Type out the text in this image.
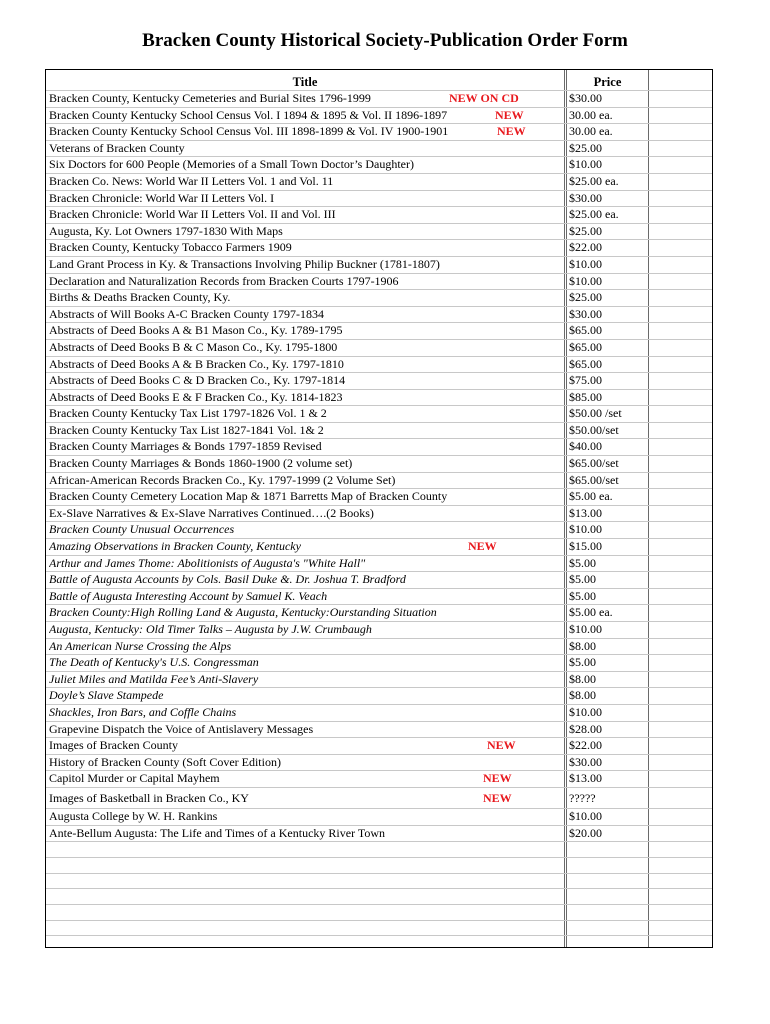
Bracken County Historical Society-Publication Order Form
Title	Price
Bracken County, Kentucky Cemeteries and Burial Sites 1796-1999	NEW ON CD	$30.00
Bracken County Kentucky School Census Vol. I 1894 & 1895 & Vol. II 1896-1897	NEW	30.00 ea.
Bracken County Kentucky School Census Vol. III 1898-1899 & Vol. IV 1900-1901	NEW	30.00 ea.
Veterans of Bracken County	$25.00
Six Doctors for 600 People (Memories of a Small Town Doctor’s Daughter)	$10.00
Bracken Co. News: World War II Letters Vol. 1 and Vol. 11	$25.00 ea.
Bracken Chronicle: World War II Letters Vol. I	$30.00
Bracken Chronicle: World War II Letters Vol. II and Vol. III	$25.00 ea.
Augusta, Ky. Lot Owners 1797-1830 With Maps	$25.00
Bracken County, Kentucky Tobacco Farmers 1909	$22.00
Land Grant Process in Ky. & Transactions Involving Philip Buckner (1781-1807)	$10.00
Declaration and Naturalization Records from Bracken Courts 1797-1906	$10.00
Births & Deaths Bracken County, Ky.	$25.00
Abstracts of Will Books A-C Bracken County 1797-1834	$30.00
Abstracts of Deed Books A & B1 Mason Co., Ky. 1789-1795	$65.00
Abstracts of Deed Books B & C Mason Co., Ky. 1795-1800	$65.00
Abstracts of Deed Books A & B Bracken Co., Ky. 1797-1810	$65.00
Abstracts of Deed Books C & D Bracken Co., Ky. 1797-1814	$75.00
Abstracts of Deed Books E & F Bracken Co., Ky. 1814-1823	$85.00
Bracken County Kentucky Tax List 1797-1826 Vol. 1 & 2	$50.00 /set
Bracken County Kentucky Tax List 1827-1841 Vol. 1& 2	$50.00/set
Bracken County Marriages & Bonds 1797-1859 Revised	$40.00
Bracken County Marriages & Bonds 1860-1900 (2 volume set)	$65.00/set
African-American Records Bracken Co., Ky. 1797-1999 (2 Volume Set)	$65.00/set
Bracken County Cemetery Location Map & 1871 Barretts Map of Bracken County	$5.00 ea.
Ex-Slave Narratives & Ex-Slave Narratives Continued….(2 Books)	$13.00
Bracken County Unusual Occurrences	$10.00
Amazing Observations in Bracken County, Kentucky	NEW	$15.00
Arthur and James Thome: Abolitionists of Augusta's "White Hall"	$5.00
Battle of Augusta Accounts by Cols. Basil Duke &. Dr. Joshua T. Bradford	$5.00
Battle of Augusta Interesting Account by Samuel K. Veach	$5.00
Bracken County:High Rolling Land & Augusta, Kentucky:Ourstanding Situation	$5.00 ea.
Augusta, Kentucky: Old Timer Talks – Augusta by J.W. Crumbaugh	$10.00
An American Nurse Crossing the Alps	$8.00
The Death of Kentucky's U.S. Congressman	$5.00
Juliet Miles and Matilda Fee’s Anti-Slavery	$8.00
Doyle’s Slave Stampede	$8.00
Shackles, Iron Bars, and Coffle Chains	$10.00
Grapevine Dispatch the Voice of Antislavery Messages	$28.00
Images of Bracken County	NEW	$22.00
History of Bracken County (Soft Cover Edition)	$30.00
Capitol Murder or Capital Mayhem	NEW	$13.00
Images of Basketball in Bracken Co., KY	NEW	?????
Augusta College by W. H. Rankins	$10.00
Ante-Bellum Augusta: The Life and Times of a Kentucky River Town	$20.00
